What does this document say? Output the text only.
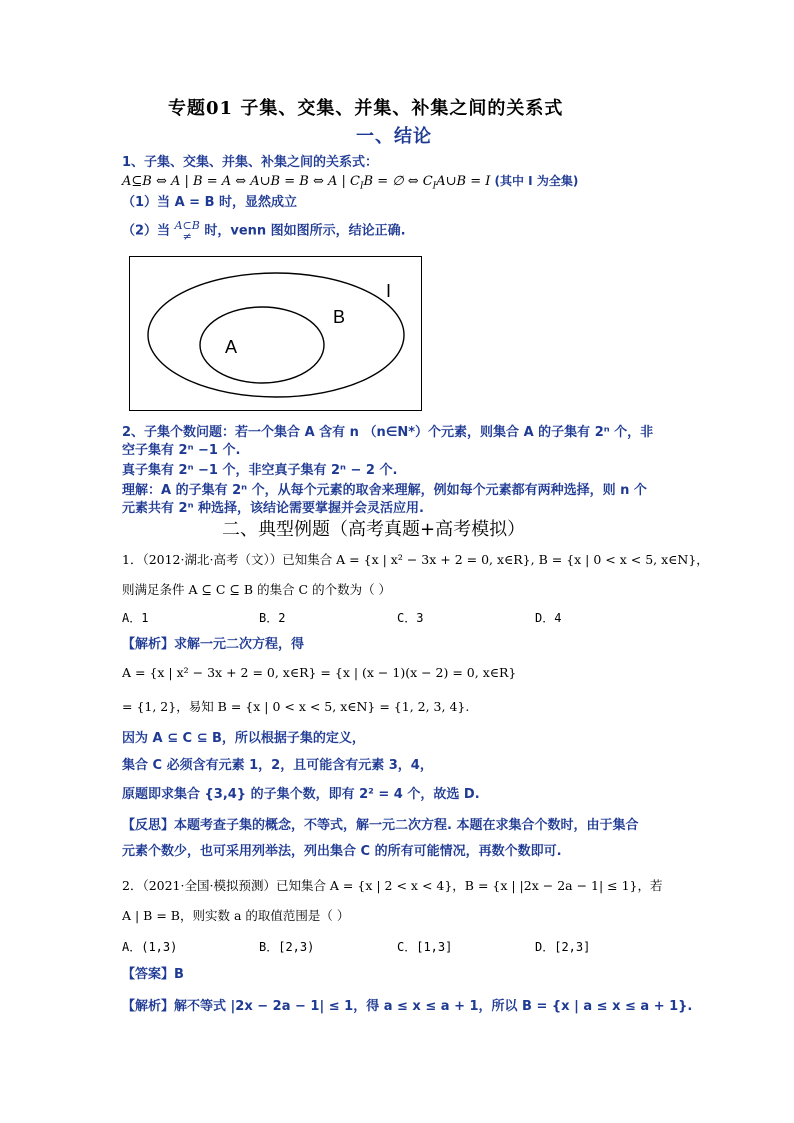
专题01 子集、交集、并集、补集之间的关系式
一、结论
1、子集、交集、并集、补集之间的关系式：
A⊆B ⇔ A | B = A ⇔ A∪B = B ⇔ A | $C_IB$ = ∅ ⇔ $C_IA\cup B = I$ (其中 I 为全集)
（1）当 A = B 时，显然成立
（2）当 A⊂B
≠ 时，venn 图如图所示，结论正确.
I
B
A
2、子集个数问题：若一个集合 A 含有 n （n∈N*）个元素，则集合 A 的子集有 2ⁿ 个，非
空子集有 2ⁿ −1 个.
真子集有 2ⁿ −1 个，非空真子集有 2ⁿ − 2 个.
理解：A 的子集有 2ⁿ 个，从每个元素的取舍来理解，例如每个元素都有两种选择，则 n 个
元素共有 2ⁿ 种选择，该结论需要掌握并会灵活应用.
二、典型例题（高考真题+高考模拟）
1．（2012·湖北·高考（文））已知集合 A = {x | x² − 3x + 2 = 0, x∈R}, B = {x | 0 < x < 5, x∈N}，
则满足条件 A ⊆ C ⊆ B 的集合 C 的个数为（ ）
A．1	B．2	C．3	D．4
【解析】求解一元二次方程，得
A = {x | x² − 3x + 2 = 0, x∈R} = {x | (x − 1)(x − 2) = 0, x∈R}
= {1, 2}，易知 B = {x | 0 < x < 5, x∈N} = {1, 2, 3, 4}.
因为 A ⊆ C ⊆ B，所以根据子集的定义，
集合 C 必须含有元素 1，2，且可能含有元素 3，4，
原题即求集合 {3,4} 的子集个数，即有 2² = 4 个，故选 D.
【反思】本题考查子集的概念，不等式，解一元二次方程. 本题在求集合个数时，由于集合
元素个数少，也可采用列举法，列出集合 C 的所有可能情况，再数个数即可.
2．（2021·全国·模拟预测）已知集合 A = {x | 2 < x < 4}，B = {x | |2x − 2a − 1| ≤ 1}，若
A | B = B，则实数 a 的取值范围是（ ）
A．(1,3)	B．[2,3)	C．[1,3]	D．[2,3]
【答案】B
【解析】解不等式 |2x − 2a − 1| ≤ 1，得 a ≤ x ≤ a + 1，所以 B = {x | a ≤ x ≤ a + 1}.
